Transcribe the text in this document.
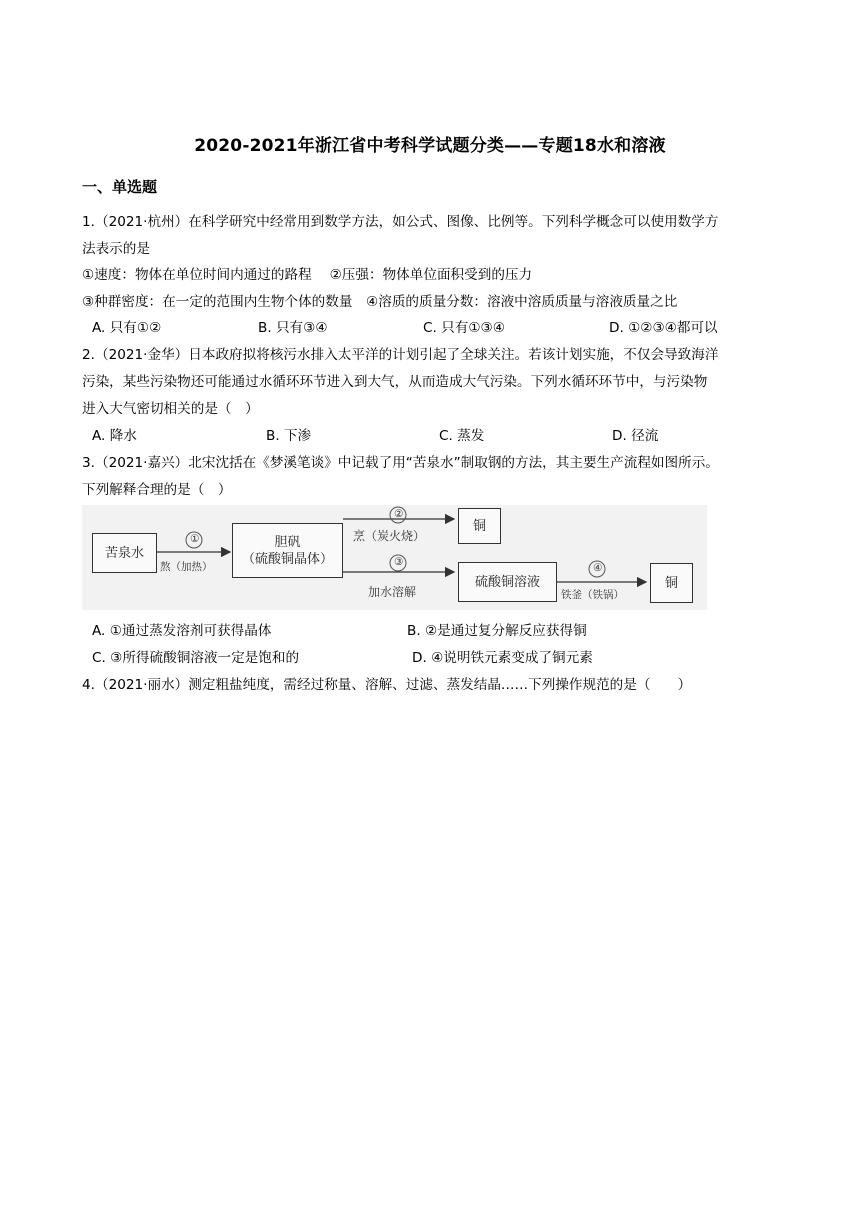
2020-2021年浙江省中考科学试题分类——专题18水和溶液
一、单选题
1.（2021·杭州）在科学研究中经常用到数学方法，如公式、图像、比例等。下列科学概念可以使用数学方
法表示的是
①速度：物体在单位时间内通过的路程　 ②压强：物体单位面积受到的压力
③种群密度：在一定的范围内生物个体的数量　④溶质的质量分数：溶液中溶质质量与溶液质量之比
A. 只有①②	B. 只有③④	C. 只有①③④	D. ①②③④都可以
2.（2021·金华）日本政府拟将核污水排入太平洋的计划引起了全球关注。若该计划实施，不仅会导致海洋
污染，某些污染物还可能通过水循环环节进入到大气，从而造成大气污染。下列水循环环节中，与污染物
进入大气密切相关的是（　）
A. 降水	B. 下渗	C. 蒸发	D. 径流
3.（2021·嘉兴）北宋沈括在《梦溪笔谈》中记载了用“苦泉水”制取钢的方法，其主要生产流程如图所示。
下列解释合理的是（　）
苦泉水
胆矾
（硫酸铜晶体）
铜
硫酸铜溶液	铜
①
熬（加热）
②
烹（炭火烧）
③
加水溶解
④
铁釜（铁锅）
A. ①通过蒸发溶剂可获得晶体	B. ②是通过复分解反应获得铜
C. ③所得硫酸铜溶液一定是饱和的	D. ④说明铁元素变成了铜元素
4.（2021·丽水）测定粗盐纯度，需经过称量、溶解、过滤、蒸发结晶……下列操作规范的是（　　）
